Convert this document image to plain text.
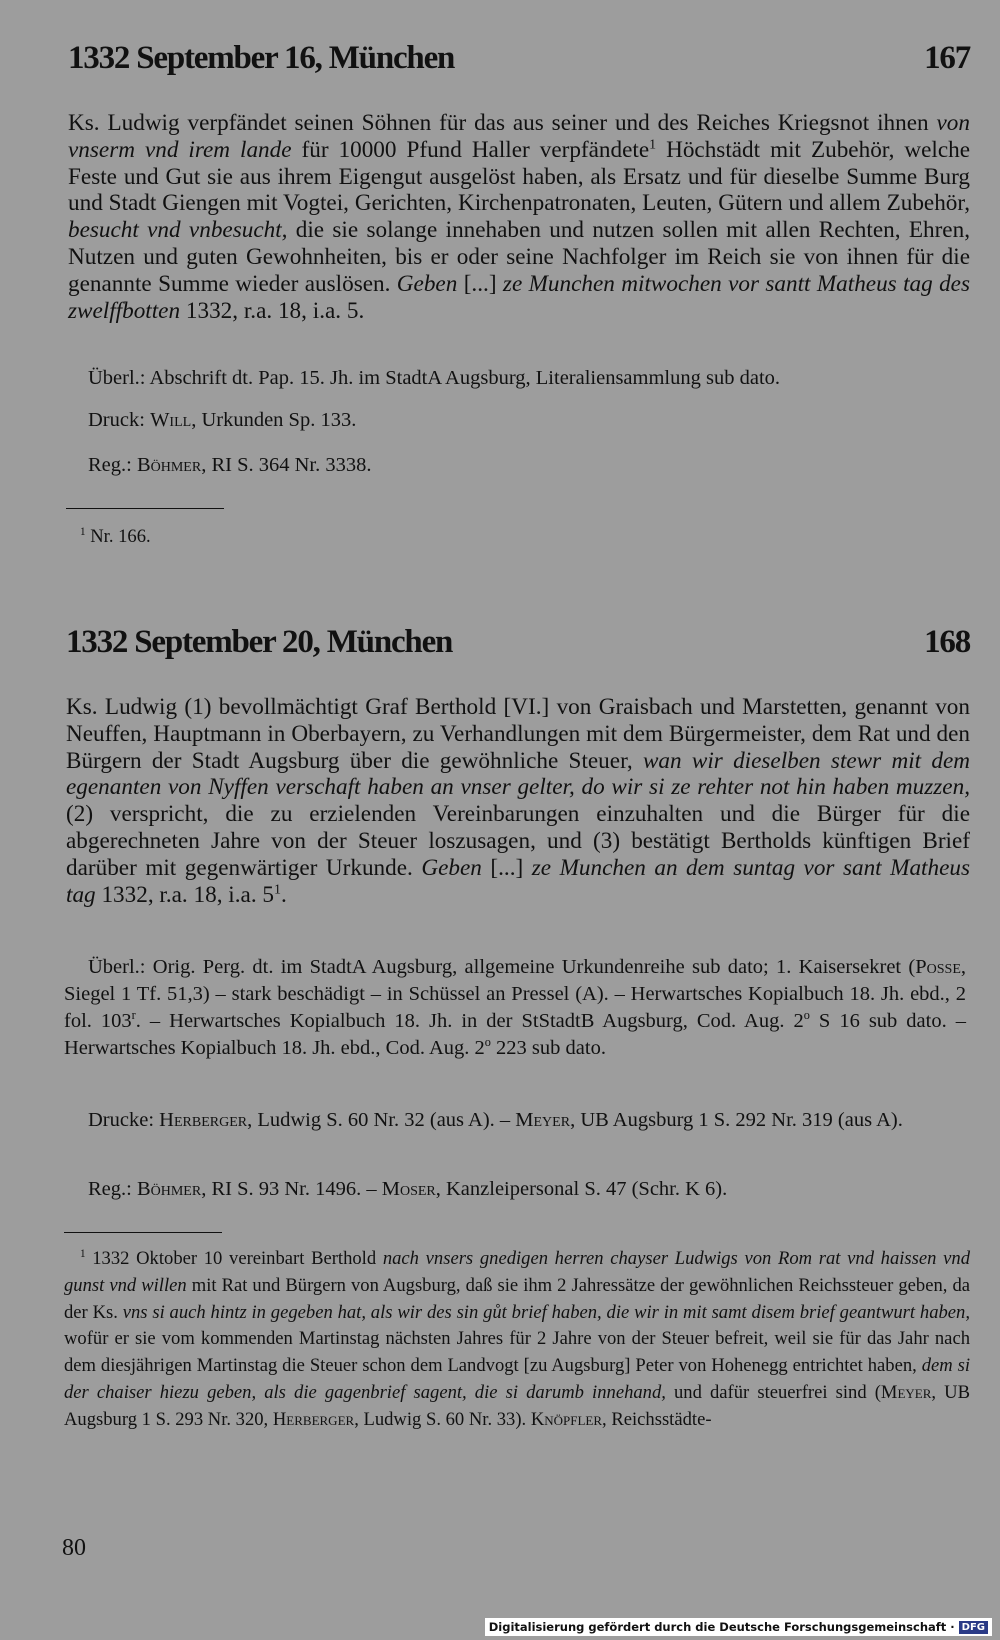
1332 September 16, München	167
Ks. Ludwig verpfändet seinen Söhnen für das aus seiner und des Reiches Kriegsnot ihnen von vnserm vnd irem lande für 10000 Pfund Haller verpfändete$^1$ Höchstädt mit Zubehör, welche Feste und Gut sie aus ihrem Eigengut ausgelöst haben, als Ersatz und für dieselbe Summe Burg und Stadt Giengen mit Vogtei, Gerichten, Kirchenpatronaten, Leuten, Gütern und allem Zubehör, besucht vnd vnbesucht, die sie solange innehaben und nutzen sollen mit allen Rechten, Ehren, Nutzen und guten Gewohnheiten, bis er oder seine Nachfolger im Reich sie von ihnen für die genannte Summe wieder auslösen. Geben [...] ze Munchen mitwochen vor santt Matheus tag des zwelffbotten 1332, r.a. 18, i.a. 5.
Überl.: Abschrift dt. Pap. 15. Jh. im StadtA Augsburg, Literaliensammlung sub dato.
Druck: Will, Urkunden Sp. 133.
Reg.: Böhmer, RI S. 364 Nr. 3338.
$^1$ Nr. 166.
1332 September 20, München	168
Ks. Ludwig (1) bevollmächtigt Graf Berthold [VI.] von Graisbach und Marstetten, genannt von Neuffen, Hauptmann in Oberbayern, zu Verhandlungen mit dem Bürgermeister, dem Rat und den Bürgern der Stadt Augsburg über die gewöhnliche Steuer, wan wir dieselben stewr mit dem egenanten von Nyffen verschaft haben an vnser gelter, do wir si ze rehter not hin haben muzzen, (2) verspricht, die zu erzielenden Vereinbarungen einzuhalten und die Bürger für die abgerechneten Jahre von der Steuer loszusagen, und (3) bestätigt Bertholds künftigen Brief darüber mit gegenwärtiger Urkunde. Geben [...] ze Munchen an dem suntag vor sant Matheus tag 1332, r.a. 18, i.a. $5^1$.
Überl.: Orig. Perg. dt. im StadtA Augsburg, allgemeine Urkundenreihe sub dato; 1. Kaisersekret (Posse, Siegel 1 Tf. 51,3) – stark beschädigt – in Schüssel an Pressel (A). – Herwartsches Kopialbuch 18. Jh. ebd., 2 fol. 103$^r$. – Herwartsches Kopialbuch 18. Jh. in der StStadtB Augsburg, Cod. Aug. 2$^o$ S 16 sub dato. – Herwartsches Kopialbuch 18. Jh. ebd., Cod. Aug. 2$^o$ 223 sub dato.
Drucke: Herberger, Ludwig S. 60 Nr. 32 (aus A). – Meyer, UB Augsburg 1 S. 292 Nr. 319 (aus A).
Reg.: Böhmer, RI S. 93 Nr. 1496. – Moser, Kanzleipersonal S. 47 (Schr. K 6).
$^1$ 1332 Oktober 10 vereinbart Berthold nach vnsers gnedigen herren chayser Ludwigs von Rom rat vnd haissen vnd gunst vnd willen mit Rat und Bürgern von Augsburg, daß sie ihm 2 Jahressätze der gewöhnlichen Reichssteuer geben, da der Ks. vns si auch hintz in gegeben hat, als wir des sin gůt brief haben, die wir in mit samt disem brief geantwurt haben, wofür er sie vom kommenden Martinstag nächsten Jahres für 2 Jahre von der Steuer befreit, weil sie für das Jahr nach dem diesjährigen Martinstag die Steuer schon dem Landvogt [zu Augsburg] Peter von Hohenegg entrichtet haben, dem si der chaiser hiezu geben, als die gagenbrief sagent, die si darumb innehand, und dafür steuerfrei sind (Meyer, UB Augsburg 1 S. 293 Nr. 320, Herberger, Ludwig S. 60 Nr. 33). Knöpfler, Reichsstädte-
80
Digitalisierung gefördert durch die Deutsche Forschungsgemeinschaft · DFG
